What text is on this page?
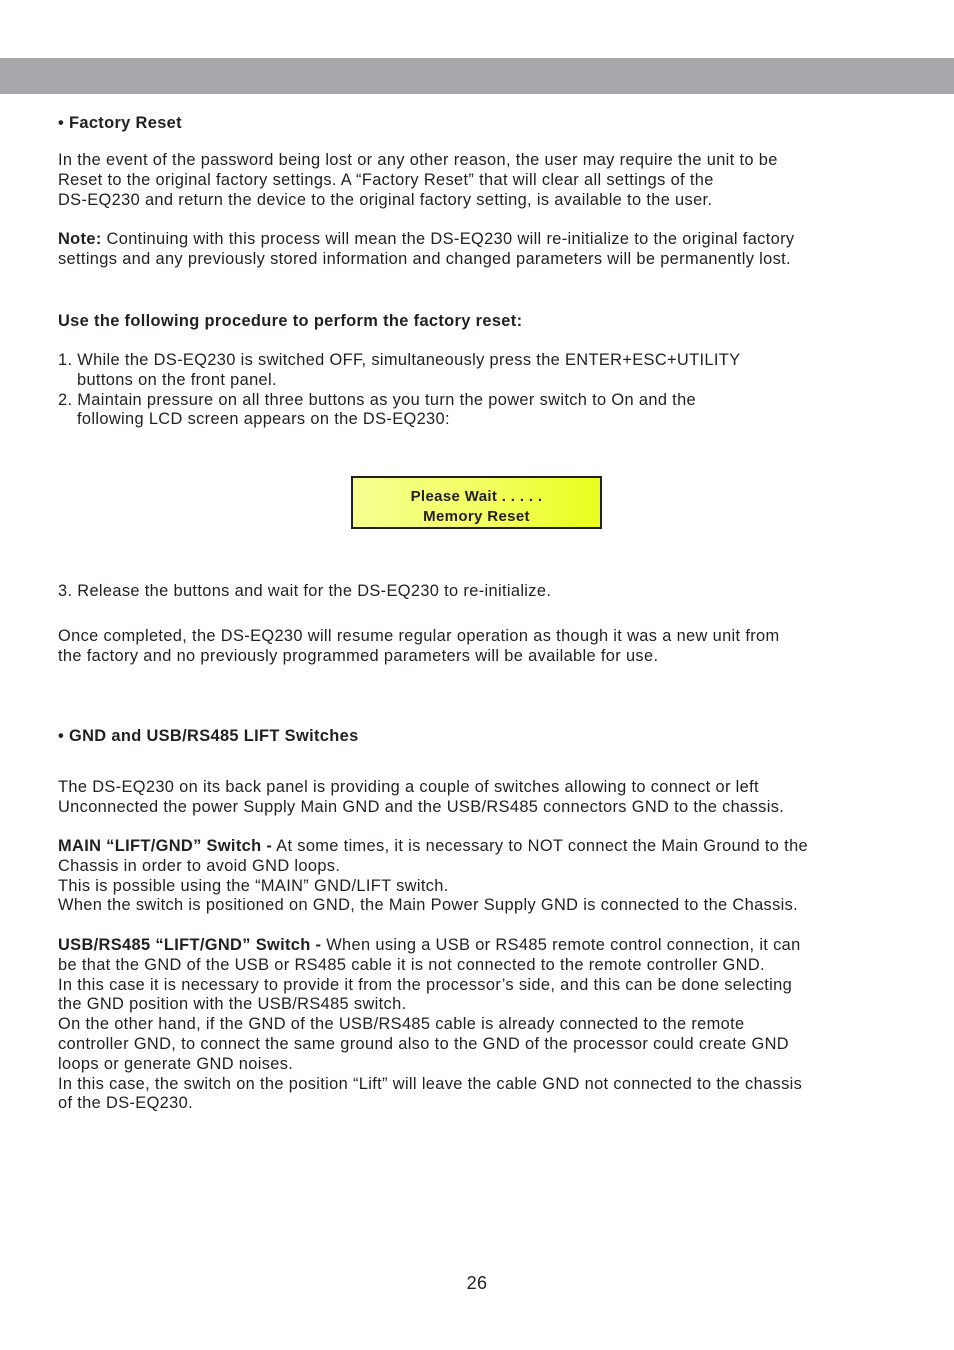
• Factory Reset
In the event of the password being lost or any other reason, the user may require the unit to be
Reset to the original factory settings. A “Factory Reset” that will clear all settings of the
DS-EQ230 and return the device to the original factory setting, is available to the user.
Note: Continuing with this process will mean the DS-EQ230 will re-initialize to the original factory
settings and any previously stored information and changed parameters will be permanently lost.
Use the following procedure to perform the factory reset:
1. While the DS-EQ230 is switched OFF, simultaneously press the ENTER+ESC+UTILITY
buttons on the front panel.
2. Maintain pressure on all three buttons as you turn the power switch to On and the
following LCD screen appears on the DS-EQ230:
Please Wait . . . . .
Memory Reset
3. Release the buttons and wait for the DS-EQ230 to re-initialize.
Once completed, the DS-EQ230 will resume regular operation as though it was a new unit from
the factory and no previously programmed parameters will be available for use.
• GND and USB/RS485 LIFT Switches
The DS-EQ230 on its back panel is providing a couple of switches allowing to connect or left
Unconnected the power Supply Main GND and the USB/RS485 connectors GND to the chassis.
MAIN “LIFT/GND” Switch - At some times, it is necessary to NOT connect the Main Ground to the
Chassis in order to avoid GND loops.
This is possible using the “MAIN” GND/LIFT switch.
When the switch is positioned on GND, the Main Power Supply GND is connected to the Chassis.
USB/RS485 “LIFT/GND” Switch - When using a USB or RS485 remote control connection, it can
be that the GND of the USB or RS485 cable it is not connected to the remote controller GND.
In this case it is necessary to provide it from the processor’s side, and this can be done selecting
the GND position with the USB/RS485 switch.
On the other hand, if the GND of the USB/RS485 cable is already connected to the remote
controller GND, to connect the same ground also to the GND of the processor could create GND
loops or generate GND noises.
In this case, the switch on the position “Lift” will leave the cable GND not connected to the chassis
of the DS-EQ230.
26
